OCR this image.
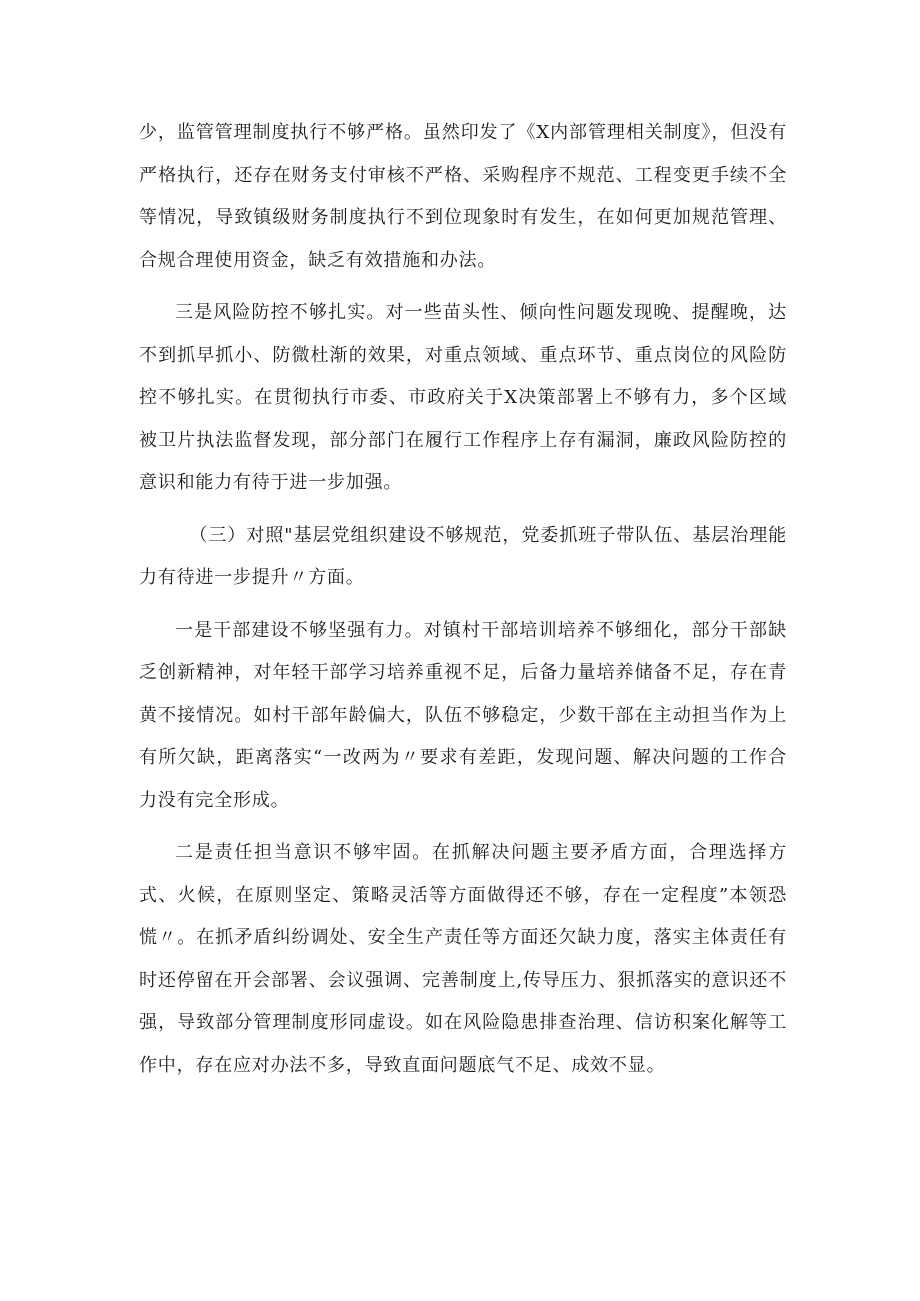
少，监管管理制度执行不够严格。虽然印发了《X内部管理相关制度》，但没有严格执行，还存在财务支付审核不严格、采购程序不规范、工程变更手续不全等情况，导致镇级财务制度执行不到位现象时有发生，在如何更加规范管理、合规合理使用资金，缺乏有效措施和办法。

三是风险防控不够扎实。对一些苗头性、倾向性问题发现晚、提醒晚，达不到抓早抓小、防微杜渐的效果，对重点领域、重点环节、重点岗位的风险防控不够扎实。在贯彻执行市委、市政府关于X决策部署上不够有力，多个区域被卫片执法监督发现，部分部门在履行工作程序上存有漏洞，廉政风险防控的意识和能力有待于进一步加强。

（三）对照"基层党组织建设不够规范，党委抓班子带队伍、基层治理能力有待进一步提升〃方面。

一是干部建设不够坚强有力。对镇村干部培训培养不够细化，部分干部缺乏创新精神，对年轻干部学习培养重视不足，后备力量培养储备不足，存在青黄不接情况。如村干部年龄偏大，队伍不够稳定，少数干部在主动担当作为上有所欠缺，距离落实“一改两为〃要求有差距，发现问题、解决问题的工作合力没有完全形成。

二是责任担当意识不够牢固。在抓解决问题主要矛盾方面，合理选择方式、火候，在原则坚定、策略灵活等方面做得还不够，存在一定程度”本领恐慌〃。在抓矛盾纠纷调处、安全生产责任等方面还欠缺力度，落实主体责任有时还停留在开会部署、会议强调、完善制度上,传导压力、狠抓落实的意识还不强，导致部分管理制度形同虚设。如在风险隐患排查治理、信访积案化解等工作中，存在应对办法不多，导致直面问题底气不足、成效不显。
